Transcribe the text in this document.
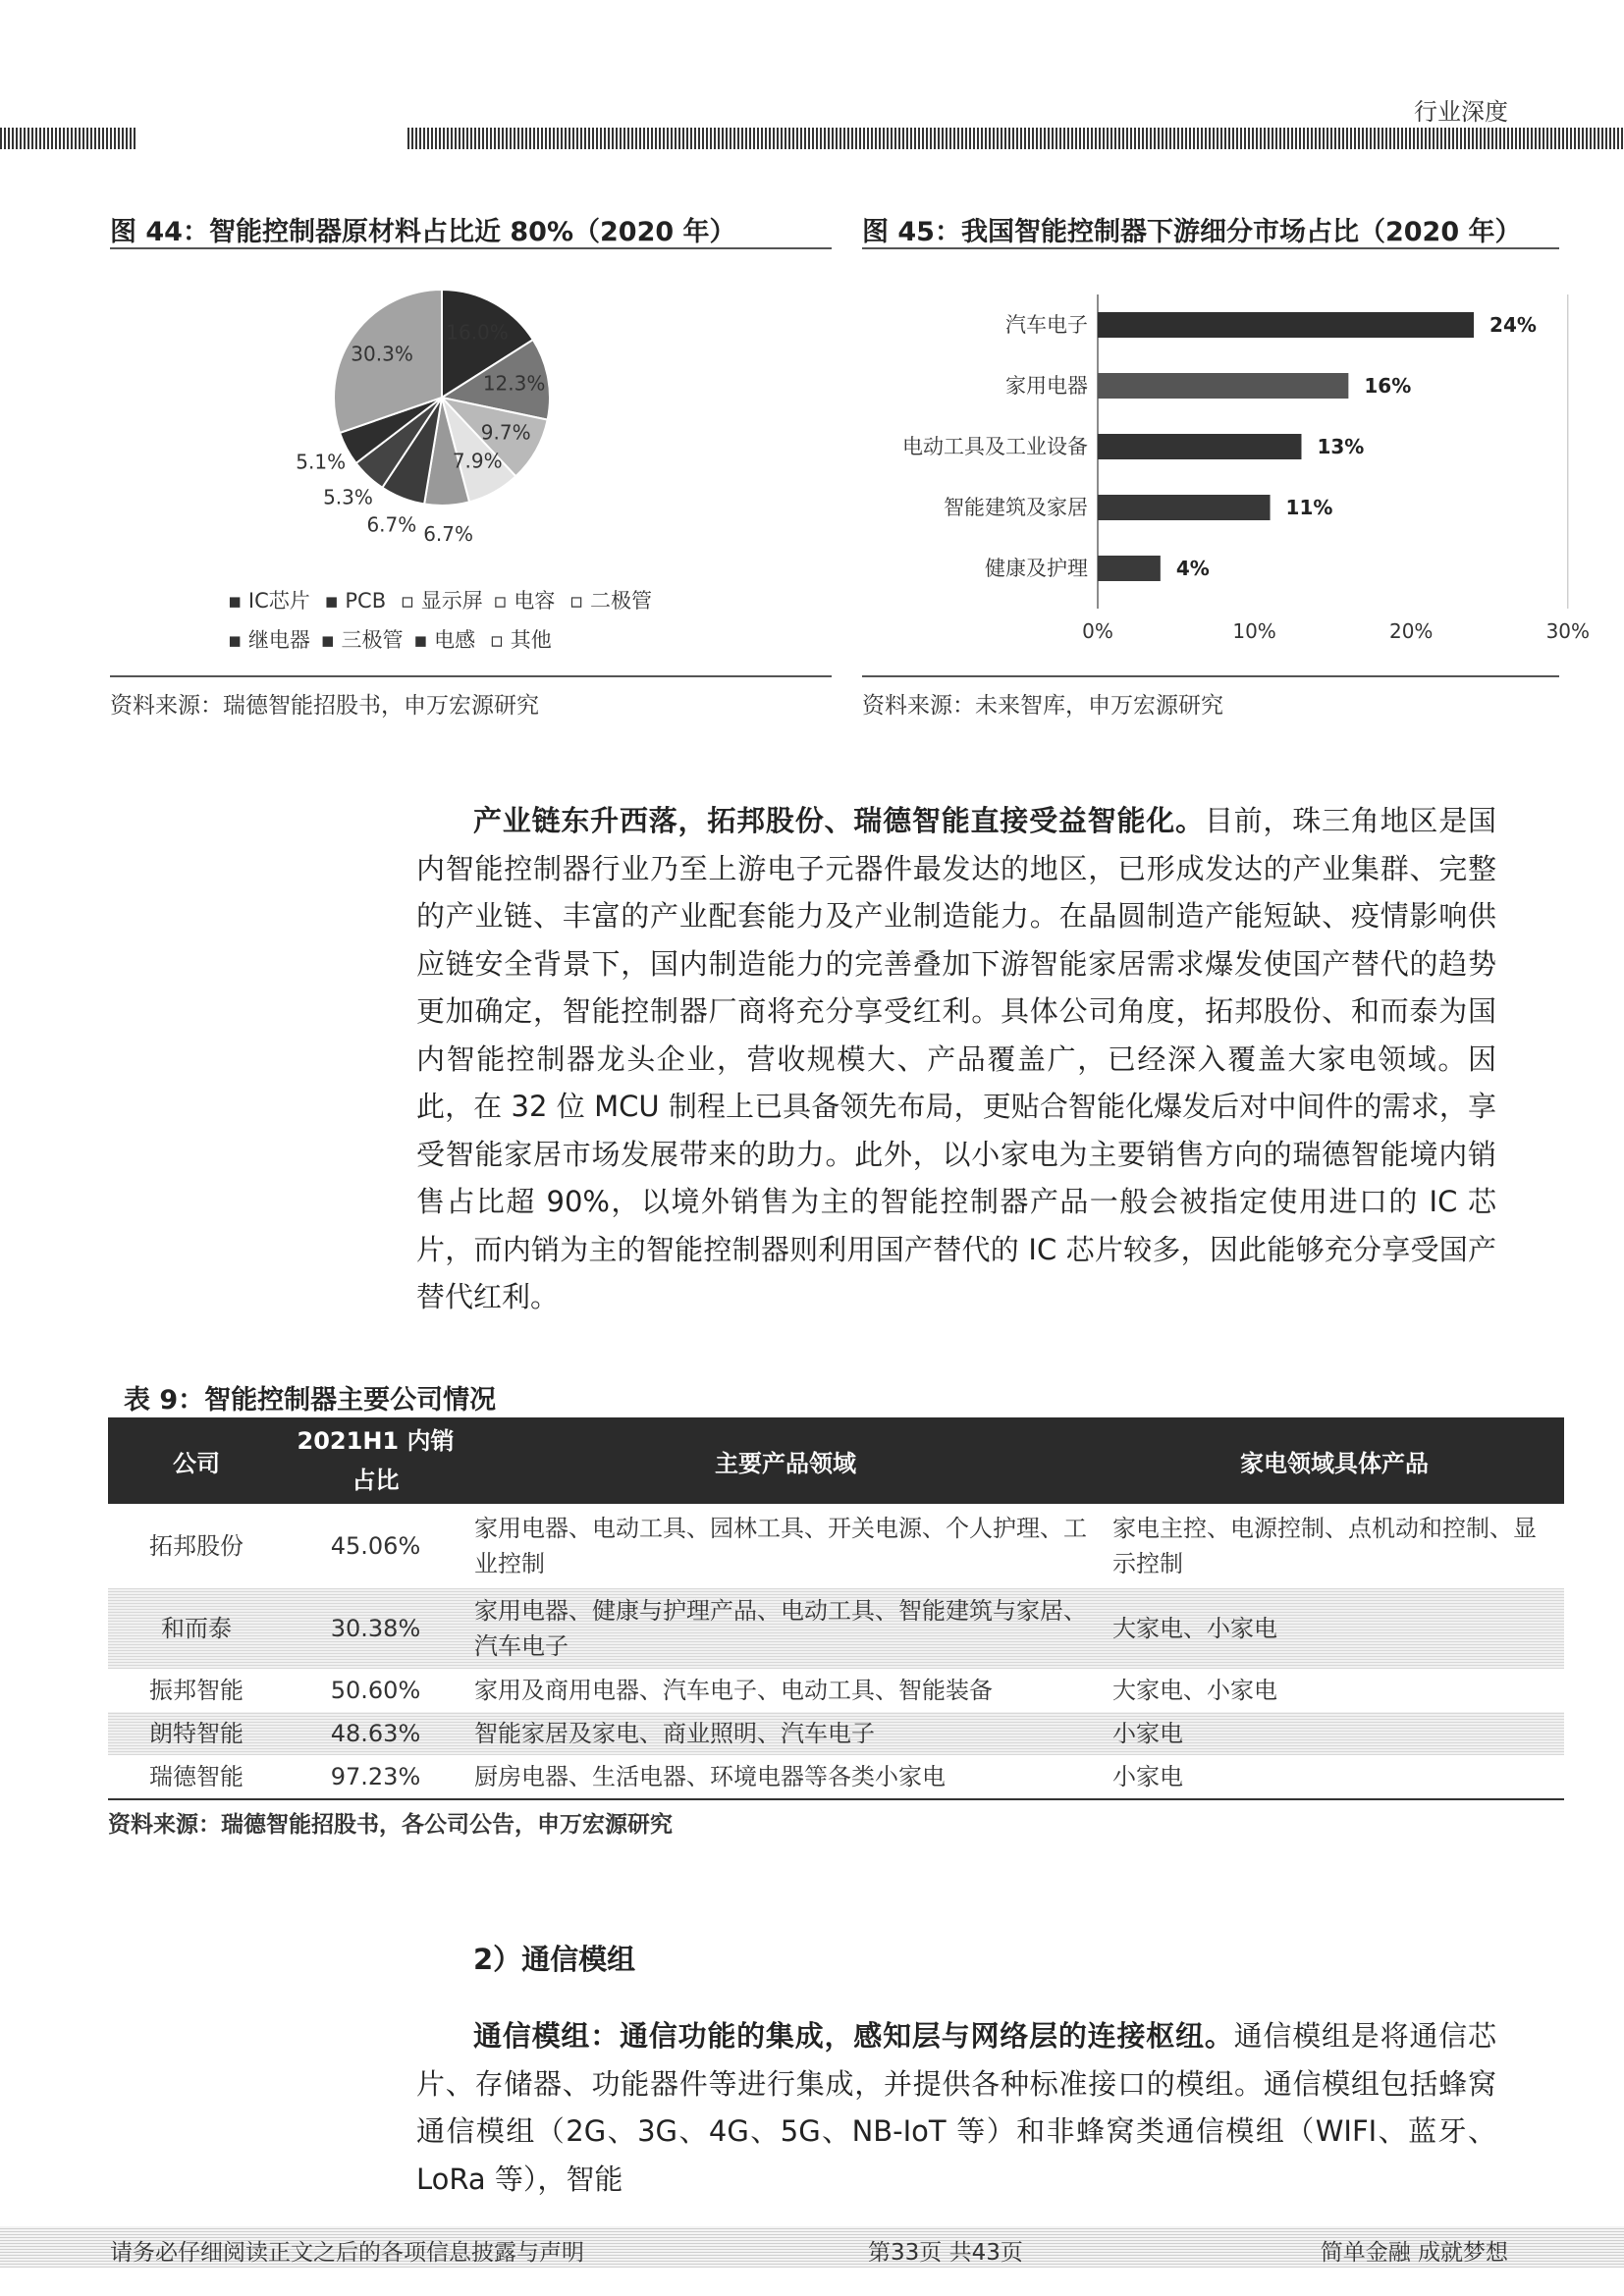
行业深度
图 44：智能控制器原材料占比近 80%（2020 年）
16.0%
12.3%
9.7%
7.9%
6.7%
6.7%
5.3%
5.1%
30.3%
▪ IC芯片 ▪ PCB ▫ 显示屏 ▫ 电容 ▫ 二极管
▪ 继电器 ▪ 三极管 ▪ 电感 ▫ 其他
资料来源：瑞德智能招股书，申万宏源研究
图 45：我国智能控制器下游细分市场占比（2020 年）
汽车电子	24%
家用电器	16%
电动工具及工业设备	13%
智能建筑及家居	11%
健康及护理	4%
0%	10%	20%	30%
资料来源：未来智库，申万宏源研究
产业链东升西落，拓邦股份、瑞德智能直接受益智能化。目前，珠三角地区是国内智能控制器行业乃至上游电子元器件最发达的地区，已形成发达的产业集群、完整的产业链、丰富的产业配套能力及产业制造能力。在晶圆制造产能短缺、疫情影响供应链安全背景下，国内制造能力的完善叠加下游智能家居需求爆发使国产替代的趋势更加确定，智能控制器厂商将充分享受红利。具体公司角度，拓邦股份、和而泰为国内智能控制器龙头企业，营收规模大、产品覆盖广，已经深入覆盖大家电领域。因此，在 32 位 MCU 制程上已具备领先布局，更贴合智能化爆发后对中间件的需求，享受智能家居市场发展带来的助力。此外，以小家电为主要销售方向的瑞德智能境内销售占比超 90%，以境外销售为主的智能控制器产品一般会被指定使用进口的 IC 芯片，而内销为主的智能控制器则利用国产替代的 IC 芯片较多，因此能够充分享受国产替代红利。
表 9：智能控制器主要公司情况
公司	2021H1 内销占比	主要产品领域	家电领域具体产品
拓邦股份	45.06%	家用电器、电动工具、园林工具、开关电源、个人护理、工业控制	家电主控、电源控制、点机动和控制、显示控制
和而泰	30.38%	家用电器、健康与护理产品、电动工具、智能建筑与家居、汽车电子	大家电、小家电
振邦智能	50.60%	家用及商用电器、汽车电子、电动工具、智能装备	大家电、小家电
朗特智能	48.63%	智能家居及家电、商业照明、汽车电子	小家电
瑞德智能	97.23%	厨房电器、生活电器、环境电器等各类小家电	小家电
资料来源：瑞德智能招股书，各公司公告，申万宏源研究
2）通信模组
通信模组：通信功能的集成，感知层与网络层的连接枢纽。通信模组是将通信芯片、存储器、功能器件等进行集成，并提供各种标准接口的模组。通信模组包括蜂窝通信模组（2G、3G、4G、5G、NB-IoT 等）和非蜂窝类通信模组（WIFI、蓝牙、LoRa 等），智能
请务必仔细阅读正文之后的各项信息披露与声明	第33页 共43页	简单金融 成就梦想
